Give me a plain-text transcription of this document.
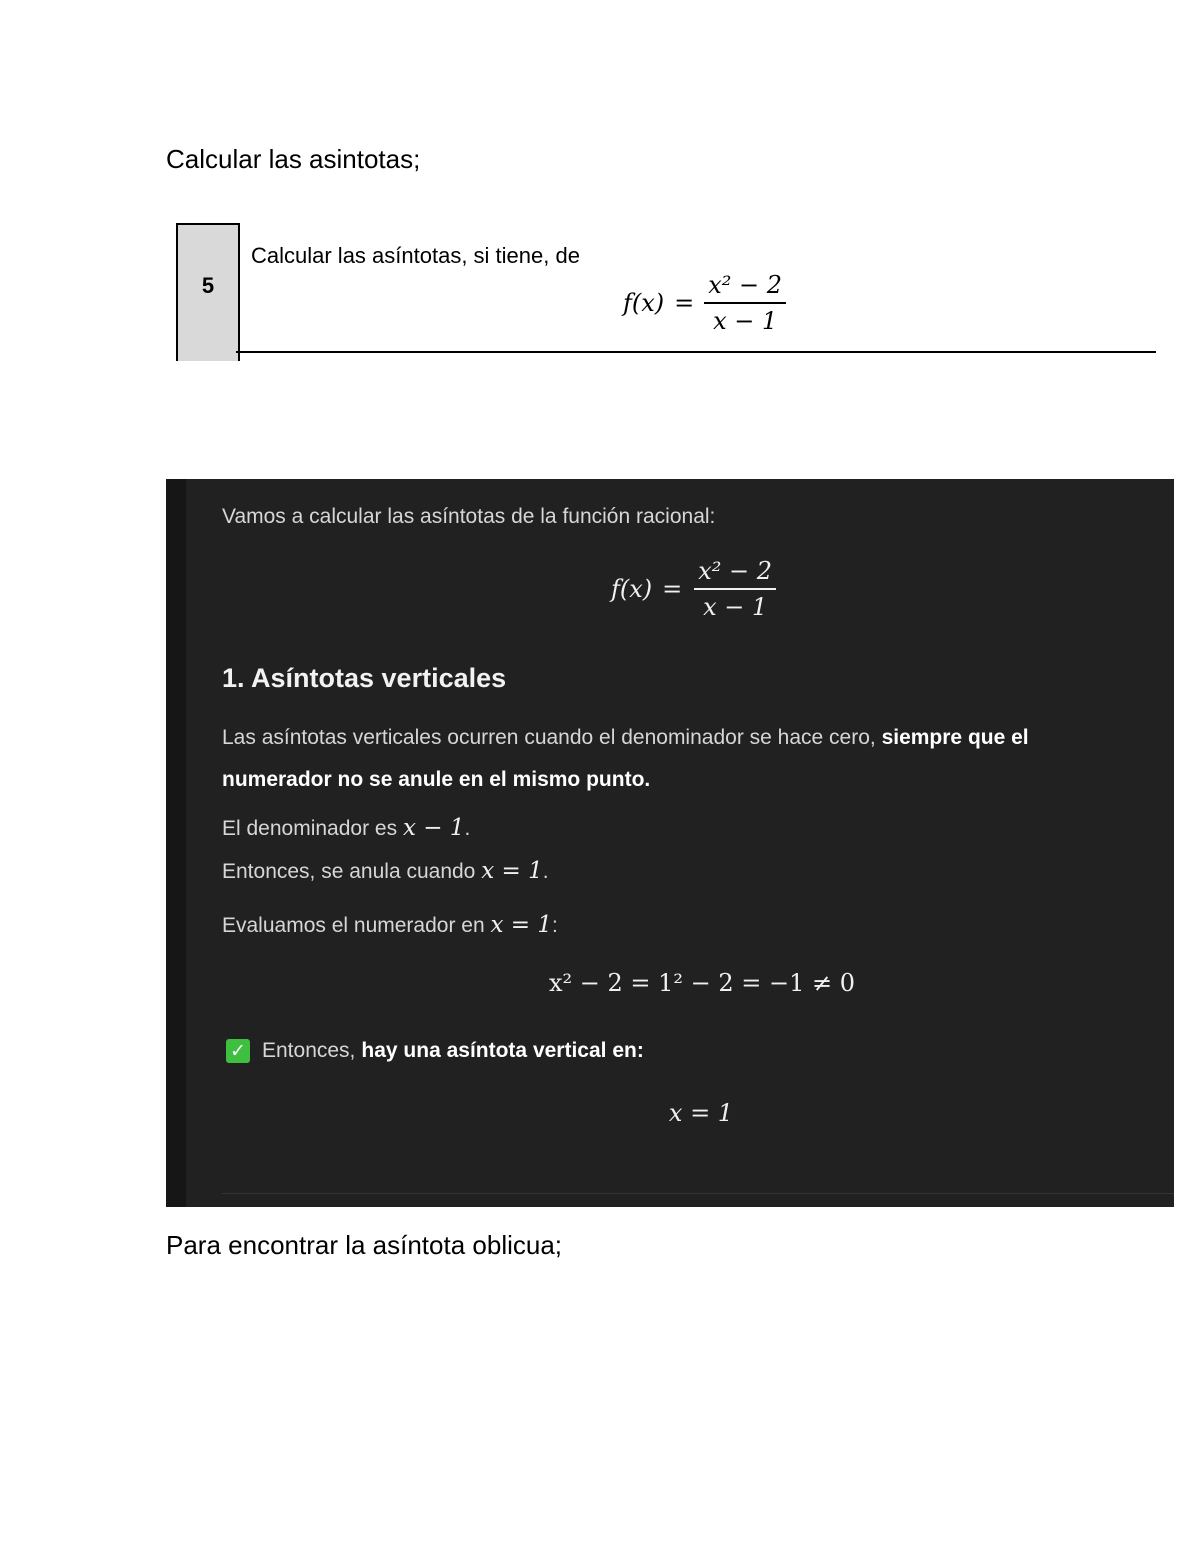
Calcular las asintotas;
5
Calcular las asíntotas, si tiene, de
$f(x) = \frac{\text{x² − 2}}{x - 1}$
Vamos a calcular las asíntotas de la función racional:
$f(x) = \frac{\text{x² − 2}}{x - 1}$
1. Asíntotas verticales
Las asíntotas verticales ocurren cuando el denominador se hace cero, siempre que el numerador no se anule en el mismo punto.
El denominador es x − 1.
Entonces, se anula cuando x = 1.
Evaluamos el numerador en x = 1:
x² − 2 = 1² − 2 = −1 ≠ 0
✓ Entonces, hay una asíntota vertical en:
x = 1
Para encontrar la asíntota oblicua;
